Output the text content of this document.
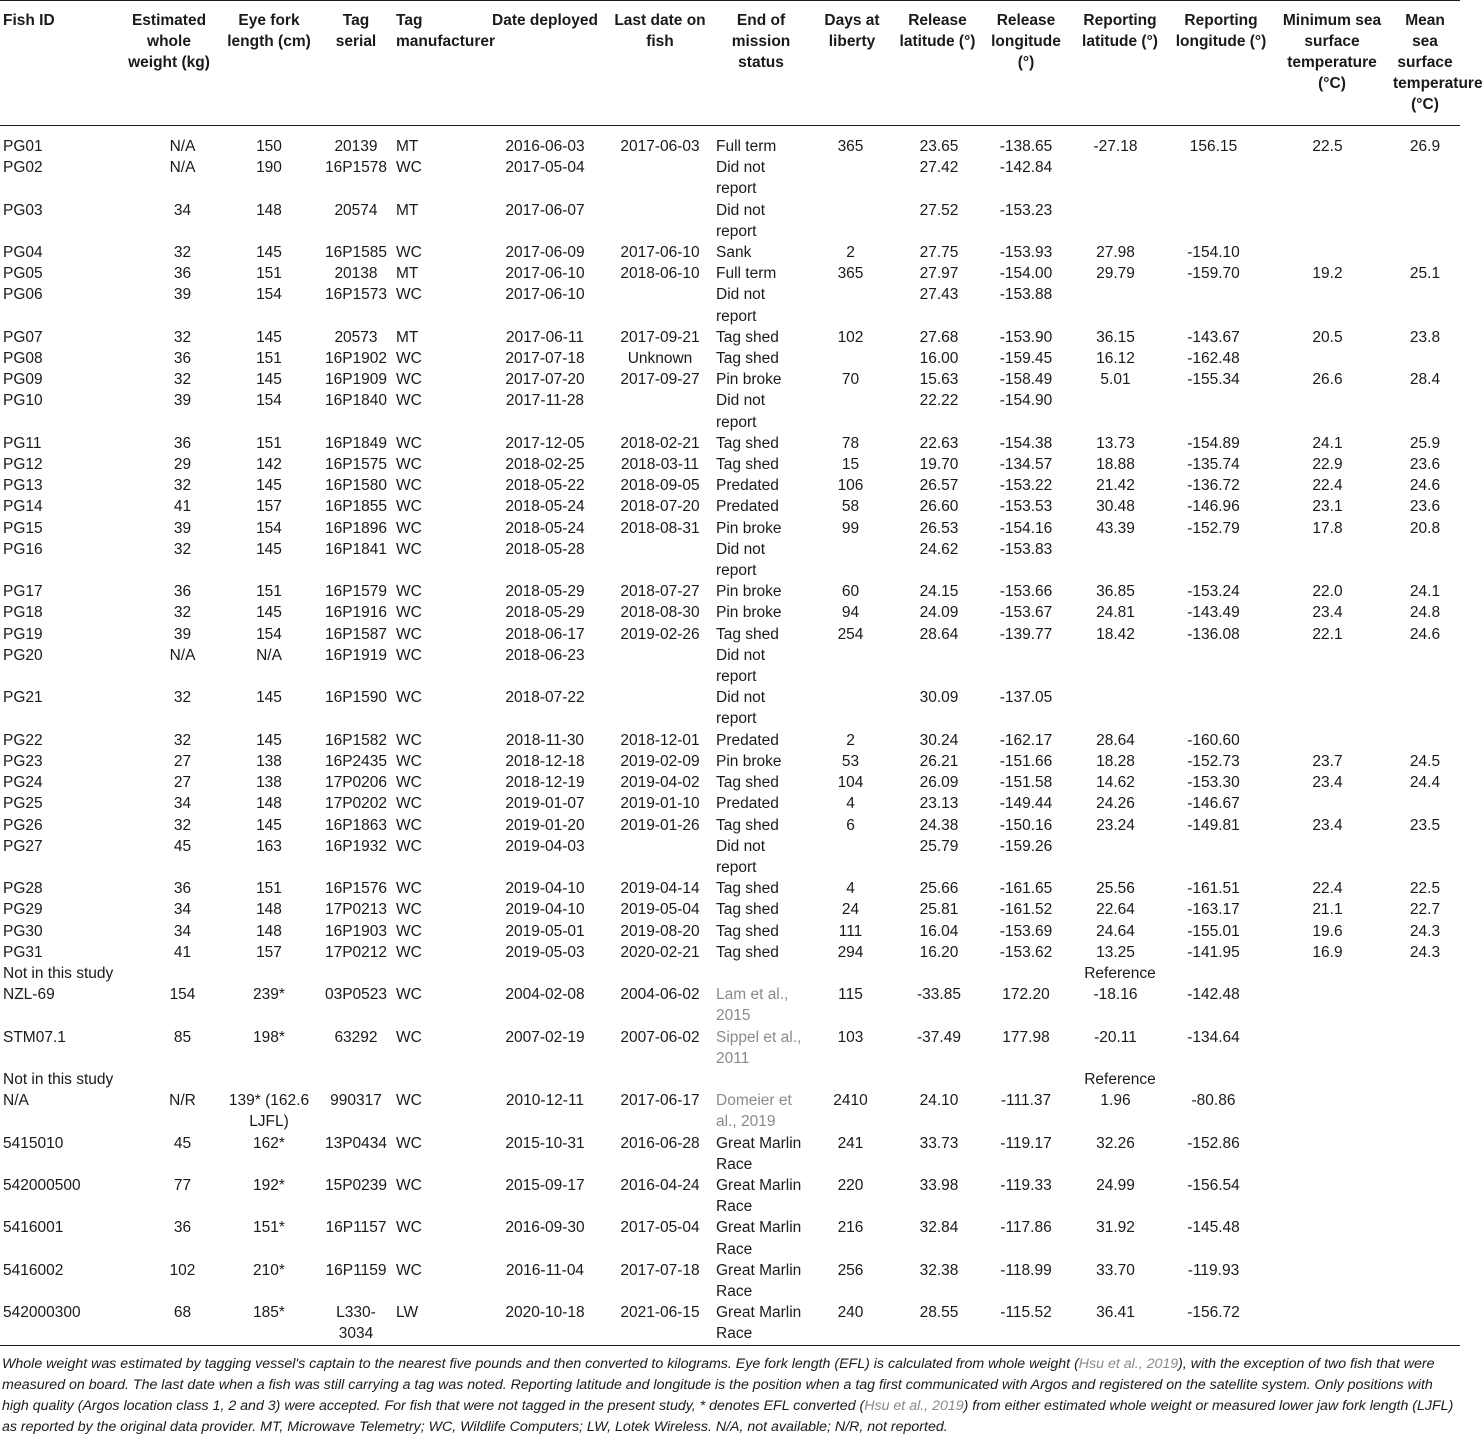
Fish ID	Estimated whole weight (kg)	Eye fork length (cm)	Tag serial	Tag manufacturer	Date deployed	Last date on fish	End of mission status	Days at liberty	Release latitude (°)	Release longitude (°)	Reporting latitude (°)	Reporting longitude (°)	Minimum sea surface temperature (°C)	Mean sea surface temperature (°C)
PG01	N/A	150	20139	MT	2016-06-03	2017-06-03	Full term	365	23.65	-138.65	-27.18	156.15	22.5	26.9
PG02	N/A	190	16P1578	WC	2017-05-04		Did not report		27.42	-142.84				
PG03	34	148	20574	MT	2017-06-07		Did not report		27.52	-153.23				
PG04	32	145	16P1585	WC	2017-06-09	2017-06-10	Sank	2	27.75	-153.93	27.98	-154.10		
PG05	36	151	20138	MT	2017-06-10	2018-06-10	Full term	365	27.97	-154.00	29.79	-159.70	19.2	25.1
PG06	39	154	16P1573	WC	2017-06-10		Did not report		27.43	-153.88				
PG07	32	145	20573	MT	2017-06-11	2017-09-21	Tag shed	102	27.68	-153.90	36.15	-143.67	20.5	23.8
PG08	36	151	16P1902	WC	2017-07-18	Unknown	Tag shed		16.00	-159.45	16.12	-162.48		
PG09	32	145	16P1909	WC	2017-07-20	2017-09-27	Pin broke	70	15.63	-158.49	5.01	-155.34	26.6	28.4
PG10	39	154	16P1840	WC	2017-11-28		Did not report		22.22	-154.90				
PG11	36	151	16P1849	WC	2017-12-05	2018-02-21	Tag shed	78	22.63	-154.38	13.73	-154.89	24.1	25.9
PG12	29	142	16P1575	WC	2018-02-25	2018-03-11	Tag shed	15	19.70	-134.57	18.88	-135.74	22.9	23.6
PG13	32	145	16P1580	WC	2018-05-22	2018-09-05	Predated	106	26.57	-153.22	21.42	-136.72	22.4	24.6
PG14	41	157	16P1855	WC	2018-05-24	2018-07-20	Predated	58	26.60	-153.53	30.48	-146.96	23.1	23.6
PG15	39	154	16P1896	WC	2018-05-24	2018-08-31	Pin broke	99	26.53	-154.16	43.39	-152.79	17.8	20.8
PG16	32	145	16P1841	WC	2018-05-28		Did not report		24.62	-153.83				
PG17	36	151	16P1579	WC	2018-05-29	2018-07-27	Pin broke	60	24.15	-153.66	36.85	-153.24	22.0	24.1
PG18	32	145	16P1916	WC	2018-05-29	2018-08-30	Pin broke	94	24.09	-153.67	24.81	-143.49	23.4	24.8
PG19	39	154	16P1587	WC	2018-06-17	2019-02-26	Tag shed	254	28.64	-139.77	18.42	-136.08	22.1	24.6
PG20	N/A	N/A	16P1919	WC	2018-06-23		Did not report							
PG21	32	145	16P1590	WC	2018-07-22		Did not report		30.09	-137.05				
PG22	32	145	16P1582	WC	2018-11-30	2018-12-01	Predated	2	30.24	-162.17	28.64	-160.60		
PG23	27	138	16P2435	WC	2018-12-18	2019-02-09	Pin broke	53	26.21	-151.66	18.28	-152.73	23.7	24.5
PG24	27	138	17P0206	WC	2018-12-19	2019-04-02	Tag shed	104	26.09	-151.58	14.62	-153.30	23.4	24.4
PG25	34	148	17P0202	WC	2019-01-07	2019-01-10	Predated	4	23.13	-149.44	24.26	-146.67		
PG26	32	145	16P1863	WC	2019-01-20	2019-01-26	Tag shed	6	24.38	-150.16	23.24	-149.81	23.4	23.5
PG27	45	163	16P1932	WC	2019-04-03		Did not report		25.79	-159.26				
PG28	36	151	16P1576	WC	2019-04-10	2019-04-14	Tag shed	4	25.66	-161.65	25.56	-161.51	22.4	22.5
PG29	34	148	17P0213	WC	2019-04-10	2019-05-04	Tag shed	24	25.81	-161.52	22.64	-163.17	21.1	22.7
PG30	34	148	16P1903	WC	2019-05-01	2019-08-20	Tag shed	111	16.04	-153.69	24.64	-155.01	19.6	24.3
PG31	41	157	17P0212	WC	2019-05-03	2020-02-21	Tag shed	294	16.20	-153.62	13.25	-141.95	16.9	24.3
Not in this study											Reference			
NZL-69	154	239*	03P0523	WC	2004-02-08	2004-06-02	Lam et al., 2015	115	-33.85	172.20	-18.16	-142.48		
STM07.1	85	198*	63292	WC	2007-02-19	2007-06-02	Sippel et al., 2011	103	-37.49	177.98	-20.11	-134.64		
Not in this study											Reference			
N/A	N/R	139* (162.6 LJFL)	990317	WC	2010-12-11	2017-06-17	Domeier et al., 2019	2410	24.10	-111.37	1.96	-80.86		
5415010	45	162*	13P0434	WC	2015-10-31	2016-06-28	Great Marlin Race	241	33.73	-119.17	32.26	-152.86		
542000500	77	192*	15P0239	WC	2015-09-17	2016-04-24	Great Marlin Race	220	33.98	-119.33	24.99	-156.54		
5416001	36	151*	16P1157	WC	2016-09-30	2017-05-04	Great Marlin Race	216	32.84	-117.86	31.92	-145.48		
5416002	102	210*	16P1159	WC	2016-11-04	2017-07-18	Great Marlin Race	256	32.38	-118.99	33.70	-119.93		
542000300	68	185*	L330-3034	LW	2020-10-18	2021-06-15	Great Marlin Race	240	28.55	-115.52	36.41	-156.72		
Whole weight was estimated by tagging vessel's captain to the nearest five pounds and then converted to kilograms. Eye fork length (EFL) is calculated from whole weight (Hsu et al., 2019), with the exception of two fish that were measured on board. The last date when a fish was still carrying a tag was noted. Reporting latitude and longitude is the position when a tag first communicated with Argos and registered on the satellite system. Only positions with high quality (Argos location class 1, 2 and 3) were accepted. For fish that were not tagged in the present study, * denotes EFL converted (Hsu et al., 2019) from either estimated whole weight or measured lower jaw fork length (LJFL) as reported by the original data provider. MT, Microwave Telemetry; WC, Wildlife Computers; LW, Lotek Wireless. N/A, not available; N/R, not reported.
